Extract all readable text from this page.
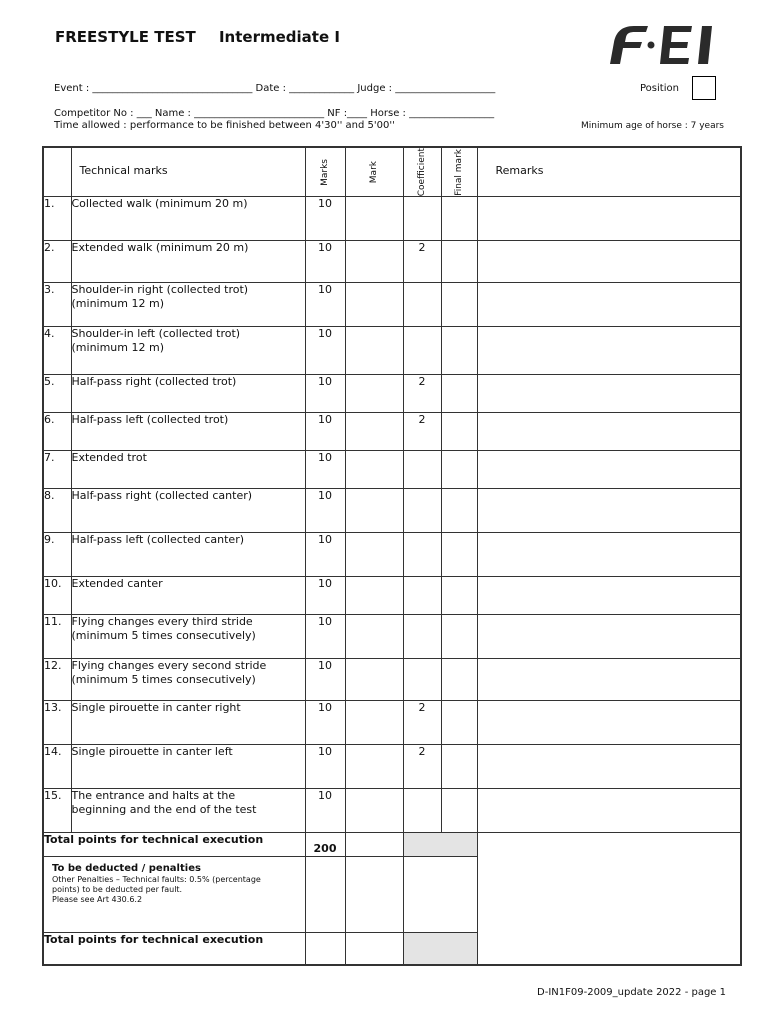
FREESTYLE TEST Intermediate I
Event : ________________________________ Date : _____________ Judge : ____________________	Position
Competitor No : ___ Name : __________________________ NF :____ Horse : _________________
Time allowed : performance to be finished between 4'30'' and 5'00''	Minimum age of horse : 7 years

	Technical marks	Marks	Mark	Coefficient	Final mark	Remarks

1.	Collected walk (minimum 20 m)	10				
2.	Extended walk (minimum 20 m)	10		2		
3.	Shoulder-in right (collected trot)
(minimum 12 m)	10				
4.	Shoulder-in left (collected trot)
(minimum 12 m)	10				
5.	Half-pass right (collected trot)	10		2		
6.	Half-pass left (collected trot)	10		2		
7.	Extended trot	10				
8.	Half-pass right (collected canter)	10				
9.	Half-pass left (collected canter)	10				
10.	Extended canter	10				
11.	Flying changes every third stride
(minimum 5 times consecutively)	10				
12.	Flying changes every second stride
(minimum 5 times consecutively)	10				
13.	Single pirouette in canter right	10		2		
14.	Single pirouette in canter left	10		2		
15.	The entrance and halts at the
beginning and the end of the test	10				
Total points for technical execution		200				

To be deducted / penalties
Other Penalties – Technical faults: 0.5% (percentage
points) to be deducted per fault.
Please see Art 430.6.2						

Total points for technical execution						
D-IN1F09-2009_update 2022 - page 1
